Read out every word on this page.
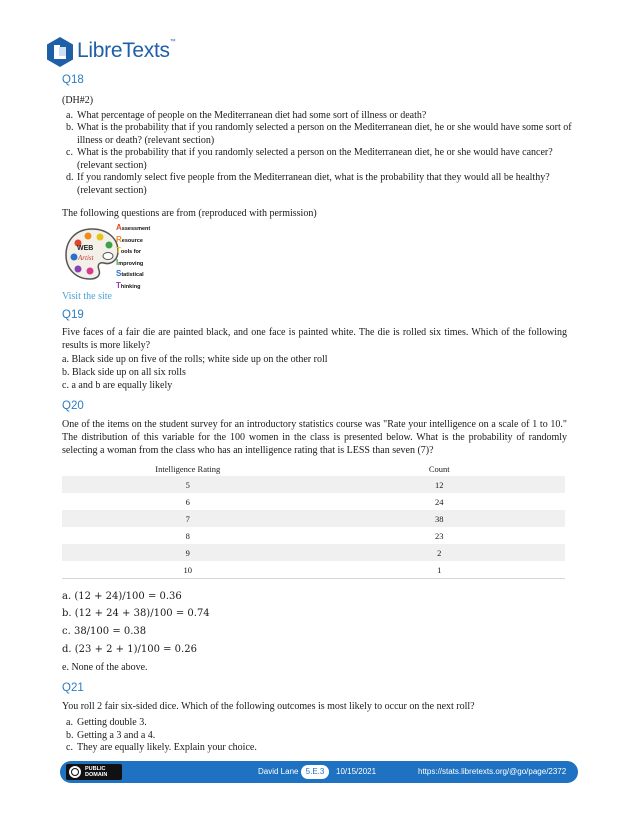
LibreTexts™
Q18
(DH#2)
a. What percentage of people on the Mediterranean diet had some sort of illness or death?
b. What is the probability that if you randomly selected a person on the Mediterranean diet, he or she would have some sort of illness or death? (relevant section)
c. What is the probability that if you randomly selected a person on the Mediterranean diet, he or she would have cancer? (relevant section)
d. If you randomly select five people from the Mediterranean diet, what is the probability that they would all be healthy? (relevant section)
The following questions are from (reproduced with permission)
WEB
Artist
Assessment
Resource
Tools for
Improving
Statistical
Thinking
Visit the site
Q19
Five faces of a fair die are painted black, and one face is painted white. The die is rolled six times. Which of the following results is more likely?
a. Black side up on five of the rolls; white side up on the other roll
b. Black side up on all six rolls
c. a and b are equally likely
Q20
One of the items on the student survey for an introductory statistics course was "Rate your intelligence on a scale of 1 to 10." The distribution of this variable for the 100 women in the class is presented below. What is the probability of randomly selecting a woman from the class who has an intelligence rating that is LESS than seven (7)?
Intelligence Rating	Count
5	12
6	24
7	38
8	23
9	2
10	1
a. (12 + 24)/100 = 0.36
b. (12 + 24 + 38)/100 = 0.74
c. 38/100 = 0.38
d. (23 + 2 + 1)/100 = 0.26
e. None of the above.
Q21
You roll 2 fair six-sided dice. Which of the following outcomes is most likely to occur on the next roll?
a. Getting double 3.
b. Getting a 3 and a 4.
c. They are equally likely. Explain your choice.
PUBLIC
DOMAIN	David Lane 5.E.3	10/15/2021	https://stats.libretexts.org/@go/page/2372
